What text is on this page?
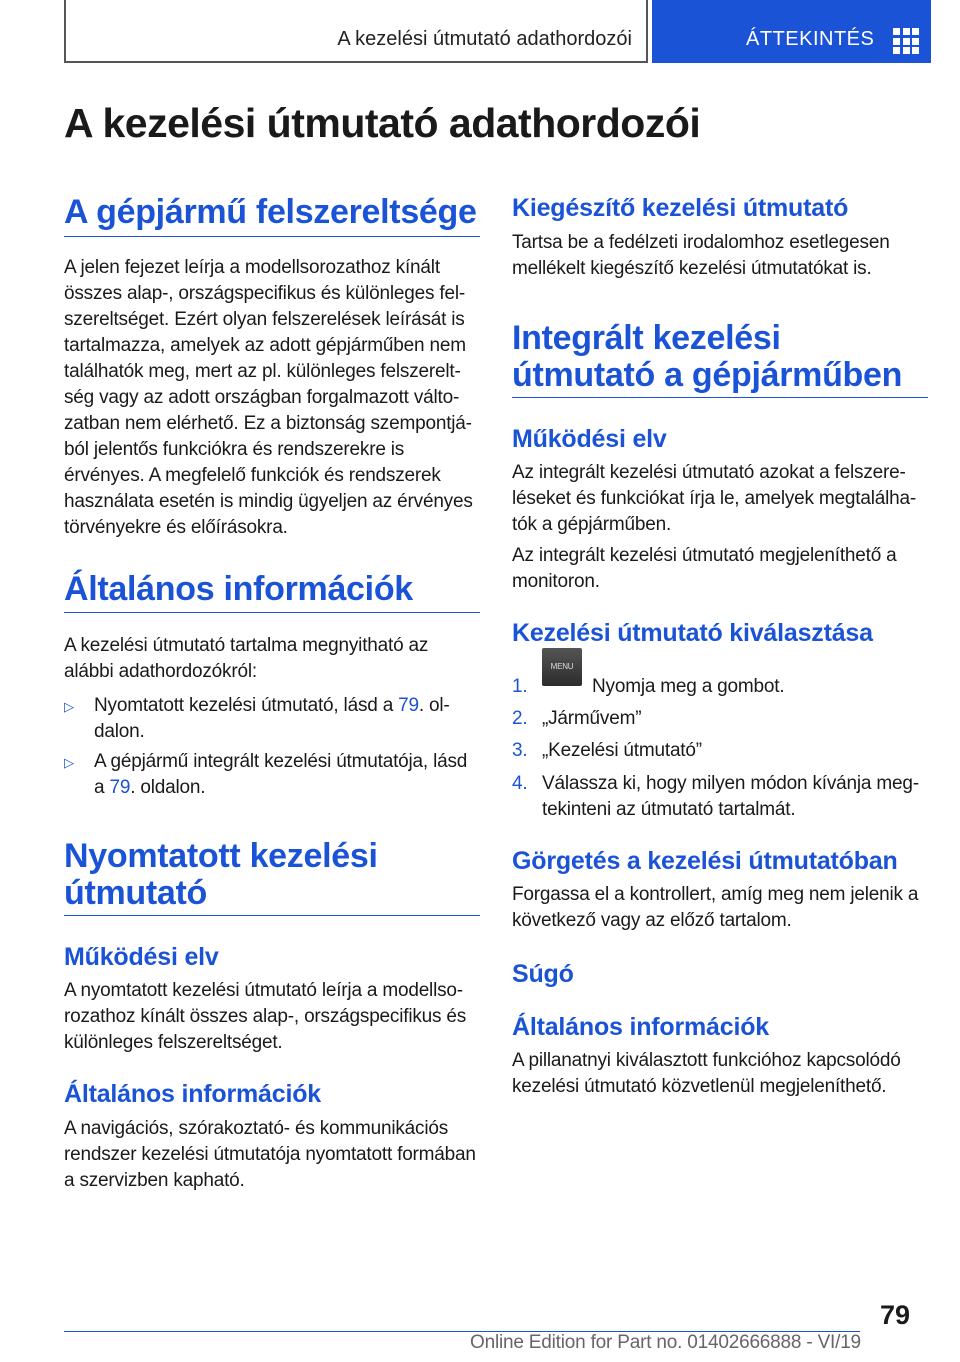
A kezelési útmutató adathordozói	ÁTTEKINTÉS
A kezelési útmutató adathordozói
A gépjármű felszereltsége

A jelen fejezet leírja a modellsorozathoz kínált összes alap-, országspecifikus és különleges felszereltséget. Ezért olyan felszerelések leírását is tartalmazza, amelyek az adott gépjárműben nem találhatók meg, mert az pl. különleges felszereltség vagy az adott országban forgalmazott változatban nem elérhető. Ez a biztonság szempontjából jelentős funkciókra és rendszerekre is érvényes. A megfelelő funkciók és rendszerek használata esetén is mindig ügyeljen az érvényes törvényekre és előírásokra.

Általános információk

A kezelési útmutató tartalma megnyitható az alábbi adathordozókról:

▷ Nyomtatott kezelési útmutató, lásd a 79. oldalon.
▷ A gépjármű integrált kezelési útmutatója, lásd a 79. oldalon.
Nyomtatott kezelési útmutató
Működési elv

A nyomtatott kezelési útmutató leírja a modellsorozathoz kínált összes alap-, országspecifikus és különleges felszereltséget.

Általános információk

A navigációs, szórakoztató- és kommunikációs rendszer kezelési útmutatója nyomtatott formában a szervizben kapható.

Kiegészítő kezelési útmutató

Tartsa be a fedélzeti irodalomhoz esetlegesen mellékelt kiegészítő kezelési útmutatókat is.

Integrált kezelési útmutató a gépjárműben
Működési elv

Az integrált kezelési útmutató azokat a felszereléseket és funkciókat írja le, amelyek megtalálhatók a gépjárműben.

Az integrált kezelési útmutató megjeleníthető a monitoron.

Kezelési útmutató kiválasztása
1.
MENU
Nyomja meg a gombot.
2. „Járművem”
3. „Kezelési útmutató”
4. Válassza ki, hogy milyen módon kívánja megtekinteni az útmutató tartalmát.
Görgetés a kezelési útmutatóban

Forgassa el a kontrollert, amíg meg nem jelenik a következő vagy az előző tartalom.

Súgó
Általános információk

A pillanatnyi kiválasztott funkcióhoz kapcsolódó kezelési útmutató közvetlenül megjeleníthető.

79
Online Edition for Part no. 01402666888 - VI/19
